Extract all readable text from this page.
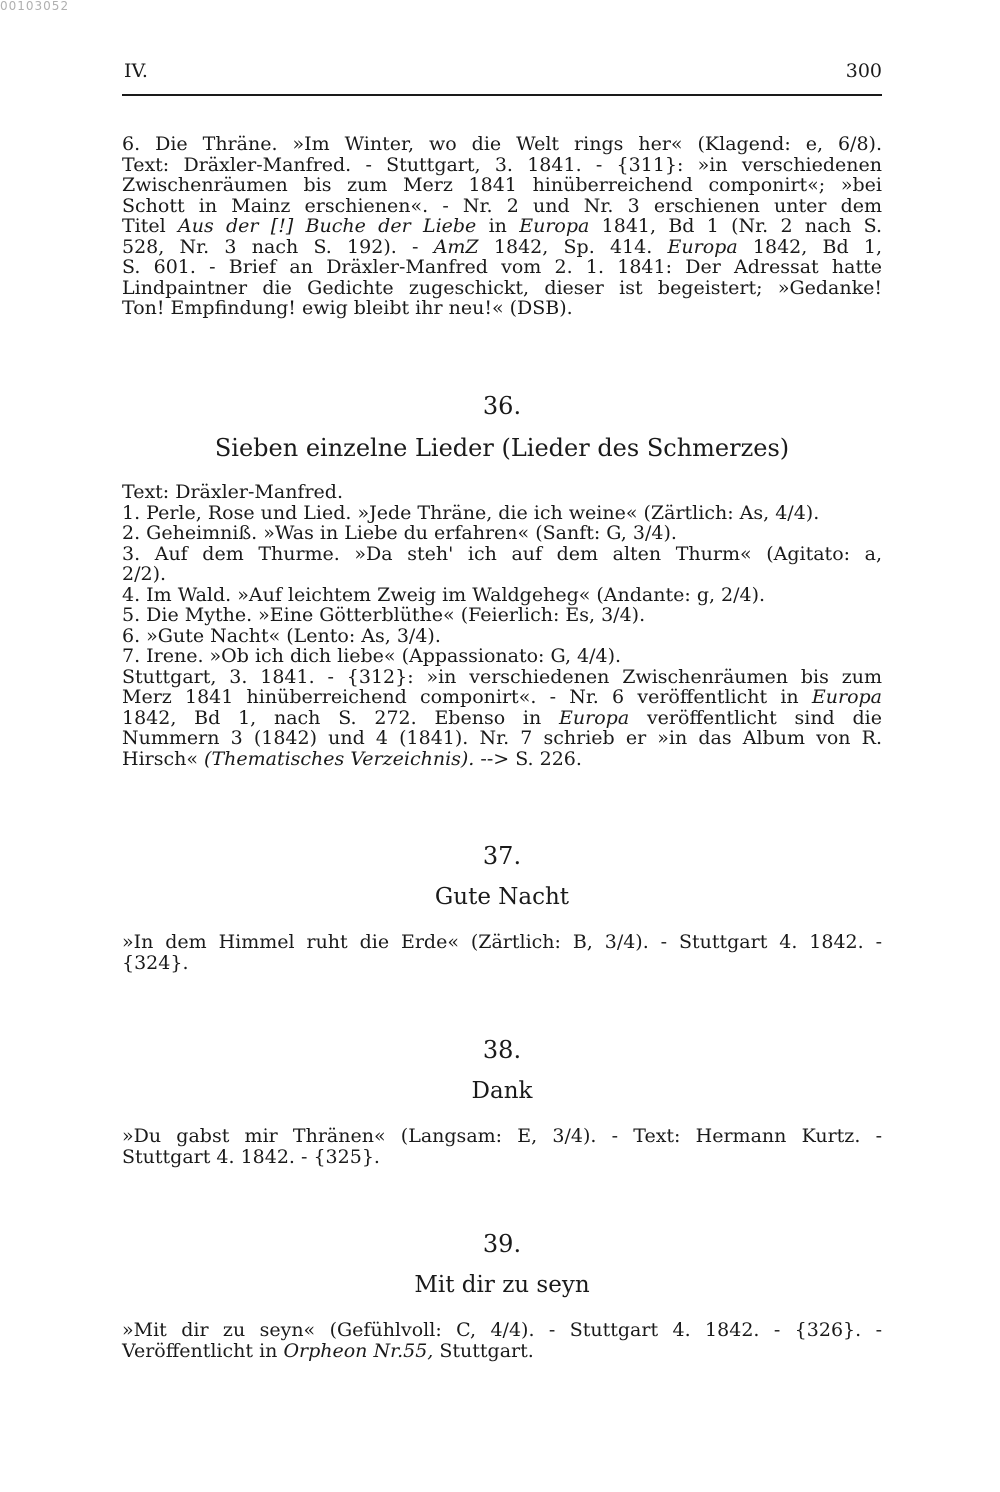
00103052
IV.	300

6. Die Thräne. »Im Winter, wo die Welt rings her« (Klagend: e, 6/8).

Text: Dräxler-Manfred. - Stuttgart, 3. 1841. - {311}: »in verschiedenen

Zwischenräumen bis zum Merz 1841 hinüberreichend componirt«; »bei

Schott in Mainz erschienen«. - Nr. 2 und Nr. 3 erschienen unter dem

Titel Aus der [!] Buche der Liebe in Europa 1841, Bd 1 (Nr. 2 nach S.

528, Nr. 3 nach S. 192). - AmZ 1842, Sp. 414. Europa 1842, Bd 1,

S. 601. - Brief an Dräxler-Manfred vom 2. 1. 1841: Der Adressat hatte

Lindpaintner die Gedichte zugeschickt, dieser ist begeistert; »Gedanke!

Ton! Empfindung! ewig bleibt ihr neu!« (DSB).

36.
Sieben einzelne Lieder (Lieder des Schmerzes)

Text: Dräxler-Manfred.

1. Perle, Rose und Lied. »Jede Thräne, die ich weine« (Zärtlich: As, 4/4).

2. Geheimniß. »Was in Liebe du erfahren« (Sanft: G, 3/4).

3. Auf dem Thurme. »Da steh' ich auf dem alten Thurm« (Agitato: a,

2/2).

4. Im Wald. »Auf leichtem Zweig im Waldgeheg« (Andante: g, 2/4).

5. Die Mythe. »Eine Götterblüthe« (Feierlich: Es, 3/4).

6. »Gute Nacht« (Lento: As, 3/4).

7. Irene. »Ob ich dich liebe« (Appassionato: G, 4/4).

Stuttgart, 3. 1841. - {312}: »in verschiedenen Zwischenräumen bis zum

Merz 1841 hinüberreichend componirt«. - Nr. 6 veröffentlicht in Europa

1842, Bd 1, nach S. 272. Ebenso in Europa veröffentlicht sind die

Nummern 3 (1842) und 4 (1841). Nr. 7 schrieb er »in das Album von R.

Hirsch« (Thematisches Verzeichnis). --> S. 226.

37.
Gute Nacht

»In dem Himmel ruht die Erde« (Zärtlich: B, 3/4). - Stuttgart 4. 1842. -

{324}.

38.
Dank

»Du gabst mir Thränen« (Langsam: E, 3/4). - Text: Hermann Kurtz. -

Stuttgart 4. 1842. - {325}.

39.
Mit dir zu seyn

»Mit dir zu seyn« (Gefühlvoll: C, 4/4). - Stuttgart 4. 1842. - {326}. -

Veröffentlicht in Orpheon Nr.55, Stuttgart.
